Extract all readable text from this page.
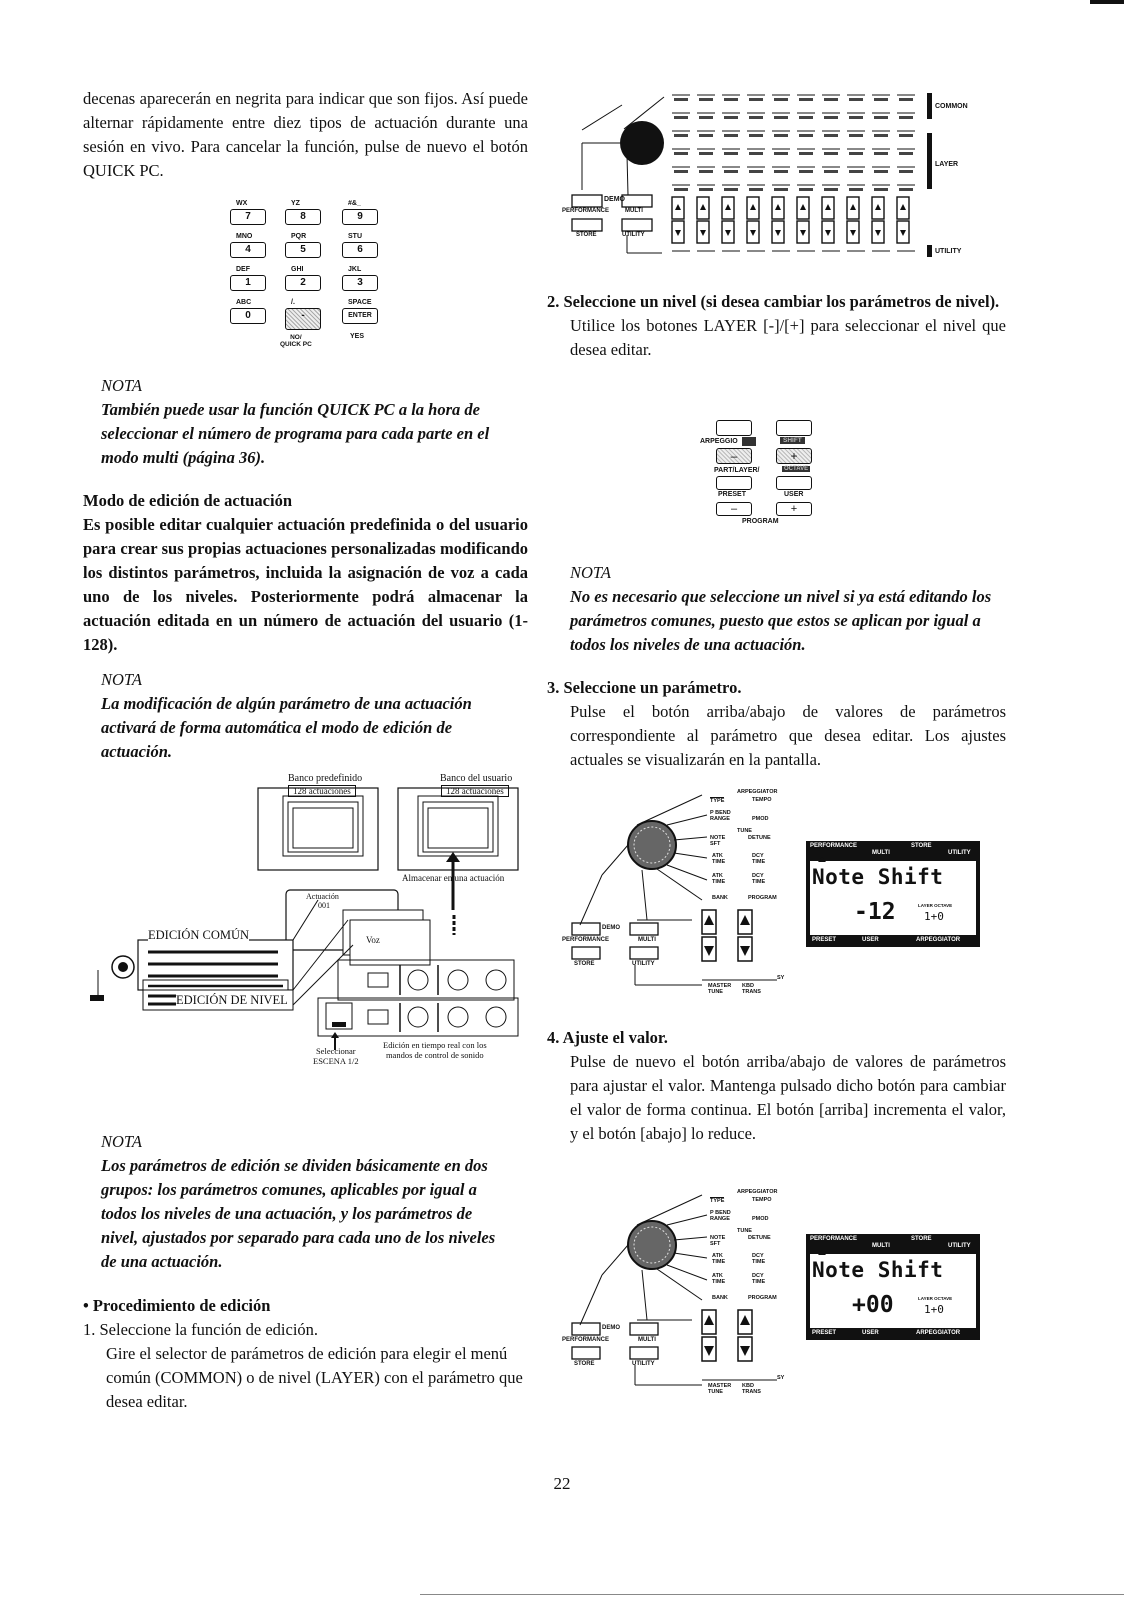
decenas aparecerán en negrita para indicar que son fijos. Así puede alternar rápidamente entre diez tipos de actuación durante una sesión en vivo. Para cancelar la función, pulse de nuevo el botón QUICK PC.

WX	YZ	#&_
7	8	9
MNO	PQR	STU
4	5	6
DEF	GHI	JKL
1	2	3
ABC	/.	SPACE
0	-	ENTER
NO/
QUICK PC
YES
NOTA

También puede usar la función QUICK PC a la hora de seleccionar el número de programa para cada parte en el modo multi (página 36).

Modo de edición de actuación

Es posible editar cualquier actuación predefinida o del usuario para crear sus propias actuaciones personalizadas modificando los distintos parámetros, incluida la asignación de voz a cada uno de los niveles. Posteriormente podrá almacenar la actuación editada en un número de actuación del usuario (1-128).

NOTA

La modificación de algún parámetro de una actuación activará de forma automática el modo de edición de actuación.

Banco predefinido
128 actuaciones
Banco del usuario
128 actuaciones
Almacenar en una actuación
Actuación
001
Voz
EDICIÓN COMÚN
EDICIÓN DE NIVEL
Seleccionar
ESCENA 1/2
Edición en tiempo real con los
mandos de control de sonido
NOTA

Los parámetros de edición se dividen básicamente en dos grupos: los parámetros comunes, aplicables por igual a todos los niveles de una actuación, y los parámetros de nivel, ajustados por separado para cada uno de los niveles de una actuación.

• Procedimiento de edición
1. Seleccione la función de edición.

Gire el selector de parámetros de edición para elegir el menú común (COMMON) o de nivel (LAYER) con el parámetro que desea editar.

COMMON
LAYER
UTILITY
DEMO
PERFORMANCE	MULTI
STORE	UTILITY
2. Seleccione un nivel (si desea cambiar los parámetros de nivel).

Utilice los botones LAYER [-]/[+] para seleccionar el nivel que desea editar.

ARPEGGIO	SHIFT
–	+
PART/LAYER/	OCTAVE
PRESET	USER
–	+
PROGRAM
NOTA

No es necesario que seleccione un nivel si ya está editando los parámetros comunes, puesto que estos se aplican por igual a todos los niveles de una actuación.

3. Seleccione un parámetro.

Pulse el botón arriba/abajo de valores de parámetros correspondiente al parámetro que desea editar. Los ajustes actuales se visualizarán en la pantalla.

ARPEGGIATOR
TYPE	TEMPO
P BEND
RANGE	PMOD
TUNE
NOTE
SFT
DETUNE
ATK
TIME
DCY
TIME
ATK
TIME
DCY
TIME
BANK	PROGRAM
DEMO
PERFORMANCE	MULTI
STORE	UTILITY
MASTER
TUNE
KBD
TRANS
SY
PERFORMANCE	STORE
MULTI	UTILITY
Note Shift
-12	LAYER OCTAVE
1+0
PRESET	USER	ARPEGGIATOR
4. Ajuste el valor.

Pulse de nuevo el botón arriba/abajo de valores de parámetros para ajustar el valor. Mantenga pulsado dicho botón para cambiar el valor de forma continua. El botón [arriba] incrementa el valor, y el botón [abajo] lo reduce.

ARPEGGIATOR
TYPE	TEMPO
P BEND
RANGE	PMOD
TUNE
NOTE
SFT
DETUNE
ATK
TIME
DCY
TIME
ATK
TIME
DCY
TIME
BANK	PROGRAM
DEMO
PERFORMANCE	MULTI
STORE	UTILITY
MASTER
TUNE
KBD
TRANS
SY
PERFORMANCE	STORE
MULTI	UTILITY
Note Shift
+00	LAYER OCTAVE
1+0
PRESET	USER	ARPEGGIATOR
22
